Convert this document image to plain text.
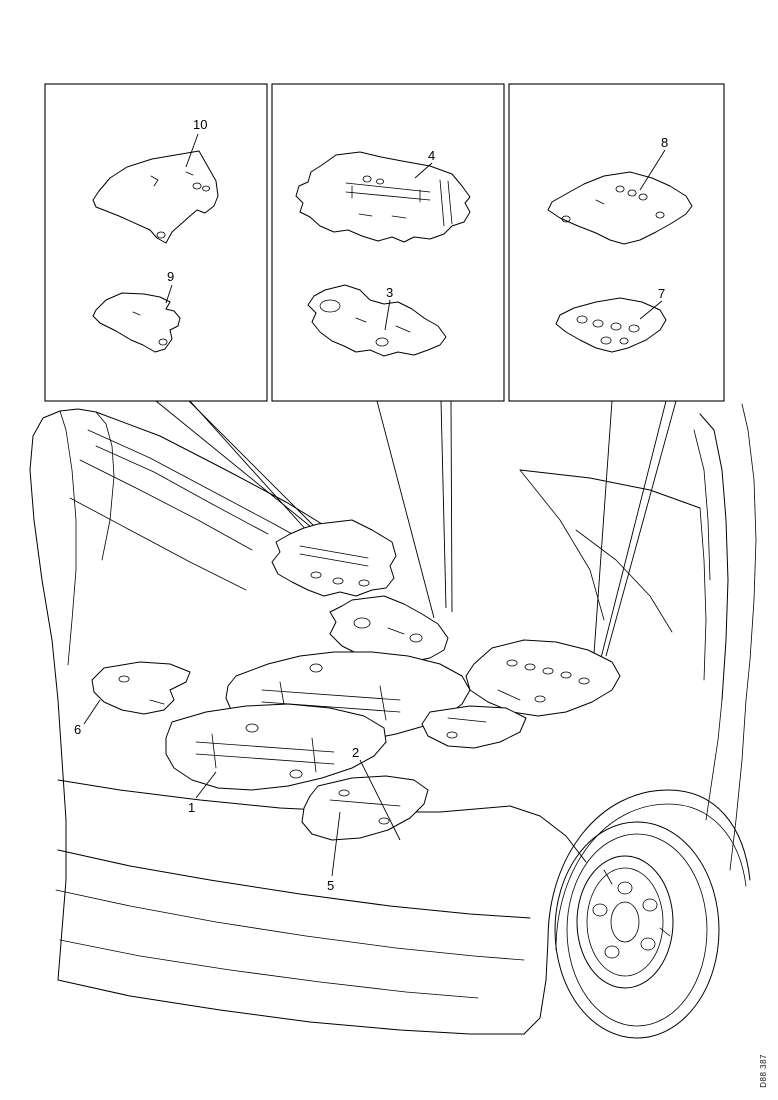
10
9
4
3
8
7
6
1
5
2
D88 387
